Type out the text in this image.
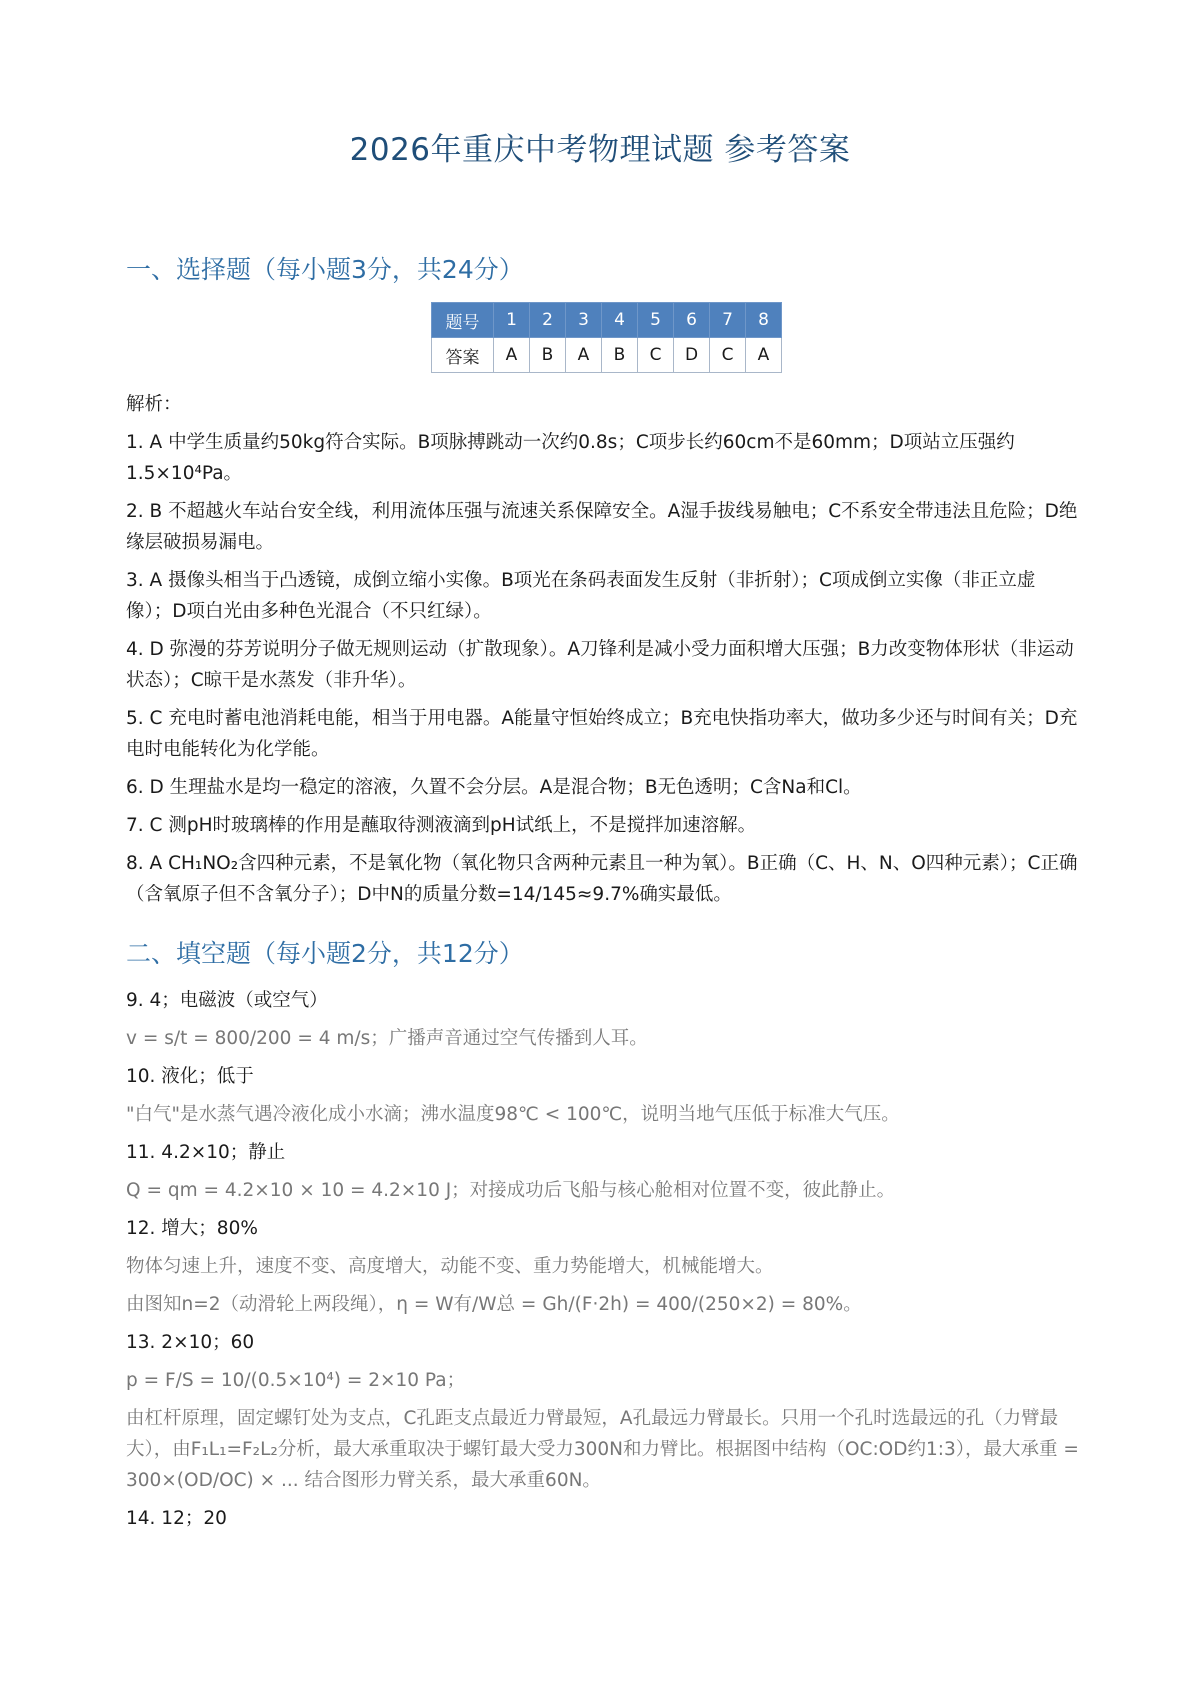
2026年重庆中考物理试题 参考答案
一、选择题（每小题3分，共24分）
题号	1	2	3	4	5	6	7	8
答案	A	B	A	B	C	D	C	A
解析：

1. A 中学生质量约50kg符合实际。B项脉搏跳动一次约0.8s；C项步长约60cm不是60mm；D项站立压强约1.5×10⁴Pa。

2. B 不超越火车站台安全线，利用流体压强与流速关系保障安全。A湿手拔线易触电；C不系安全带违法且危险；D绝缘层破损易漏电。

3. A 摄像头相当于凸透镜，成倒立缩小实像。B项光在条码表面发生反射（非折射）；C项成倒立实像（非正立虚像）；D项白光由多种色光混合（不只红绿）。

4. D 弥漫的芬芳说明分子做无规则运动（扩散现象）。A刀锋利是减小受力面积增大压强；B力改变物体形状（非运动状态）；C晾干是水蒸发（非升华）。

5. C 充电时蓄电池消耗电能，相当于用电器。A能量守恒始终成立；B充电快指功率大，做功多少还与时间有关；D充电时电能转化为化学能。

6. D 生理盐水是均一稳定的溶液，久置不会分层。A是混合物；B无色透明；C含Na和Cl。

7. C 测pH时玻璃棒的作用是蘸取待测液滴到pH试纸上，不是搅拌加速溶解。

8. A CH₁NO₂含四种元素，不是氧化物（氧化物只含两种元素且一种为氧）。B正确（C、H、N、O四种元素）；C正确（含氧原子但不含氧分子）；D中N的质量分数=14/145≈9.7%确实最低。

二、填空题（每小题2分，共12分）

9. 4；电磁波（或空气）

v = s/t = 800/200 = 4 m/s；广播声音通过空气传播到人耳。

10. 液化；低于

"白气"是水蒸气遇冷液化成小水滴；沸水温度98℃ < 100℃，说明当地气压低于标准大气压。

11. 4.2×10；静止

Q = qm = 4.2×10 × 10 = 4.2×10 J；对接成功后飞船与核心舱相对位置不变，彼此静止。

12. 增大；80%

物体匀速上升，速度不变、高度增大，动能不变、重力势能增大，机械能增大。

由图知n=2（动滑轮上两段绳），η = W有/W总 = Gh/(F·2h) = 400/(250×2) = 80%。

13. 2×10；60

p = F/S = 10/(0.5×10⁴) = 2×10 Pa；

由杠杆原理，固定螺钉处为支点，C孔距支点最近力臂最短，A孔最远力臂最长。只用一个孔时选最远的孔（力臂最大），由F₁L₁=F₂L₂分析，最大承重取决于螺钉最大受力300N和力臂比。根据图中结构（OC:OD约1:3），最大承重 = 300×(OD/OC) × ... 结合图形力臂关系，最大承重60N。

14. 12；20
